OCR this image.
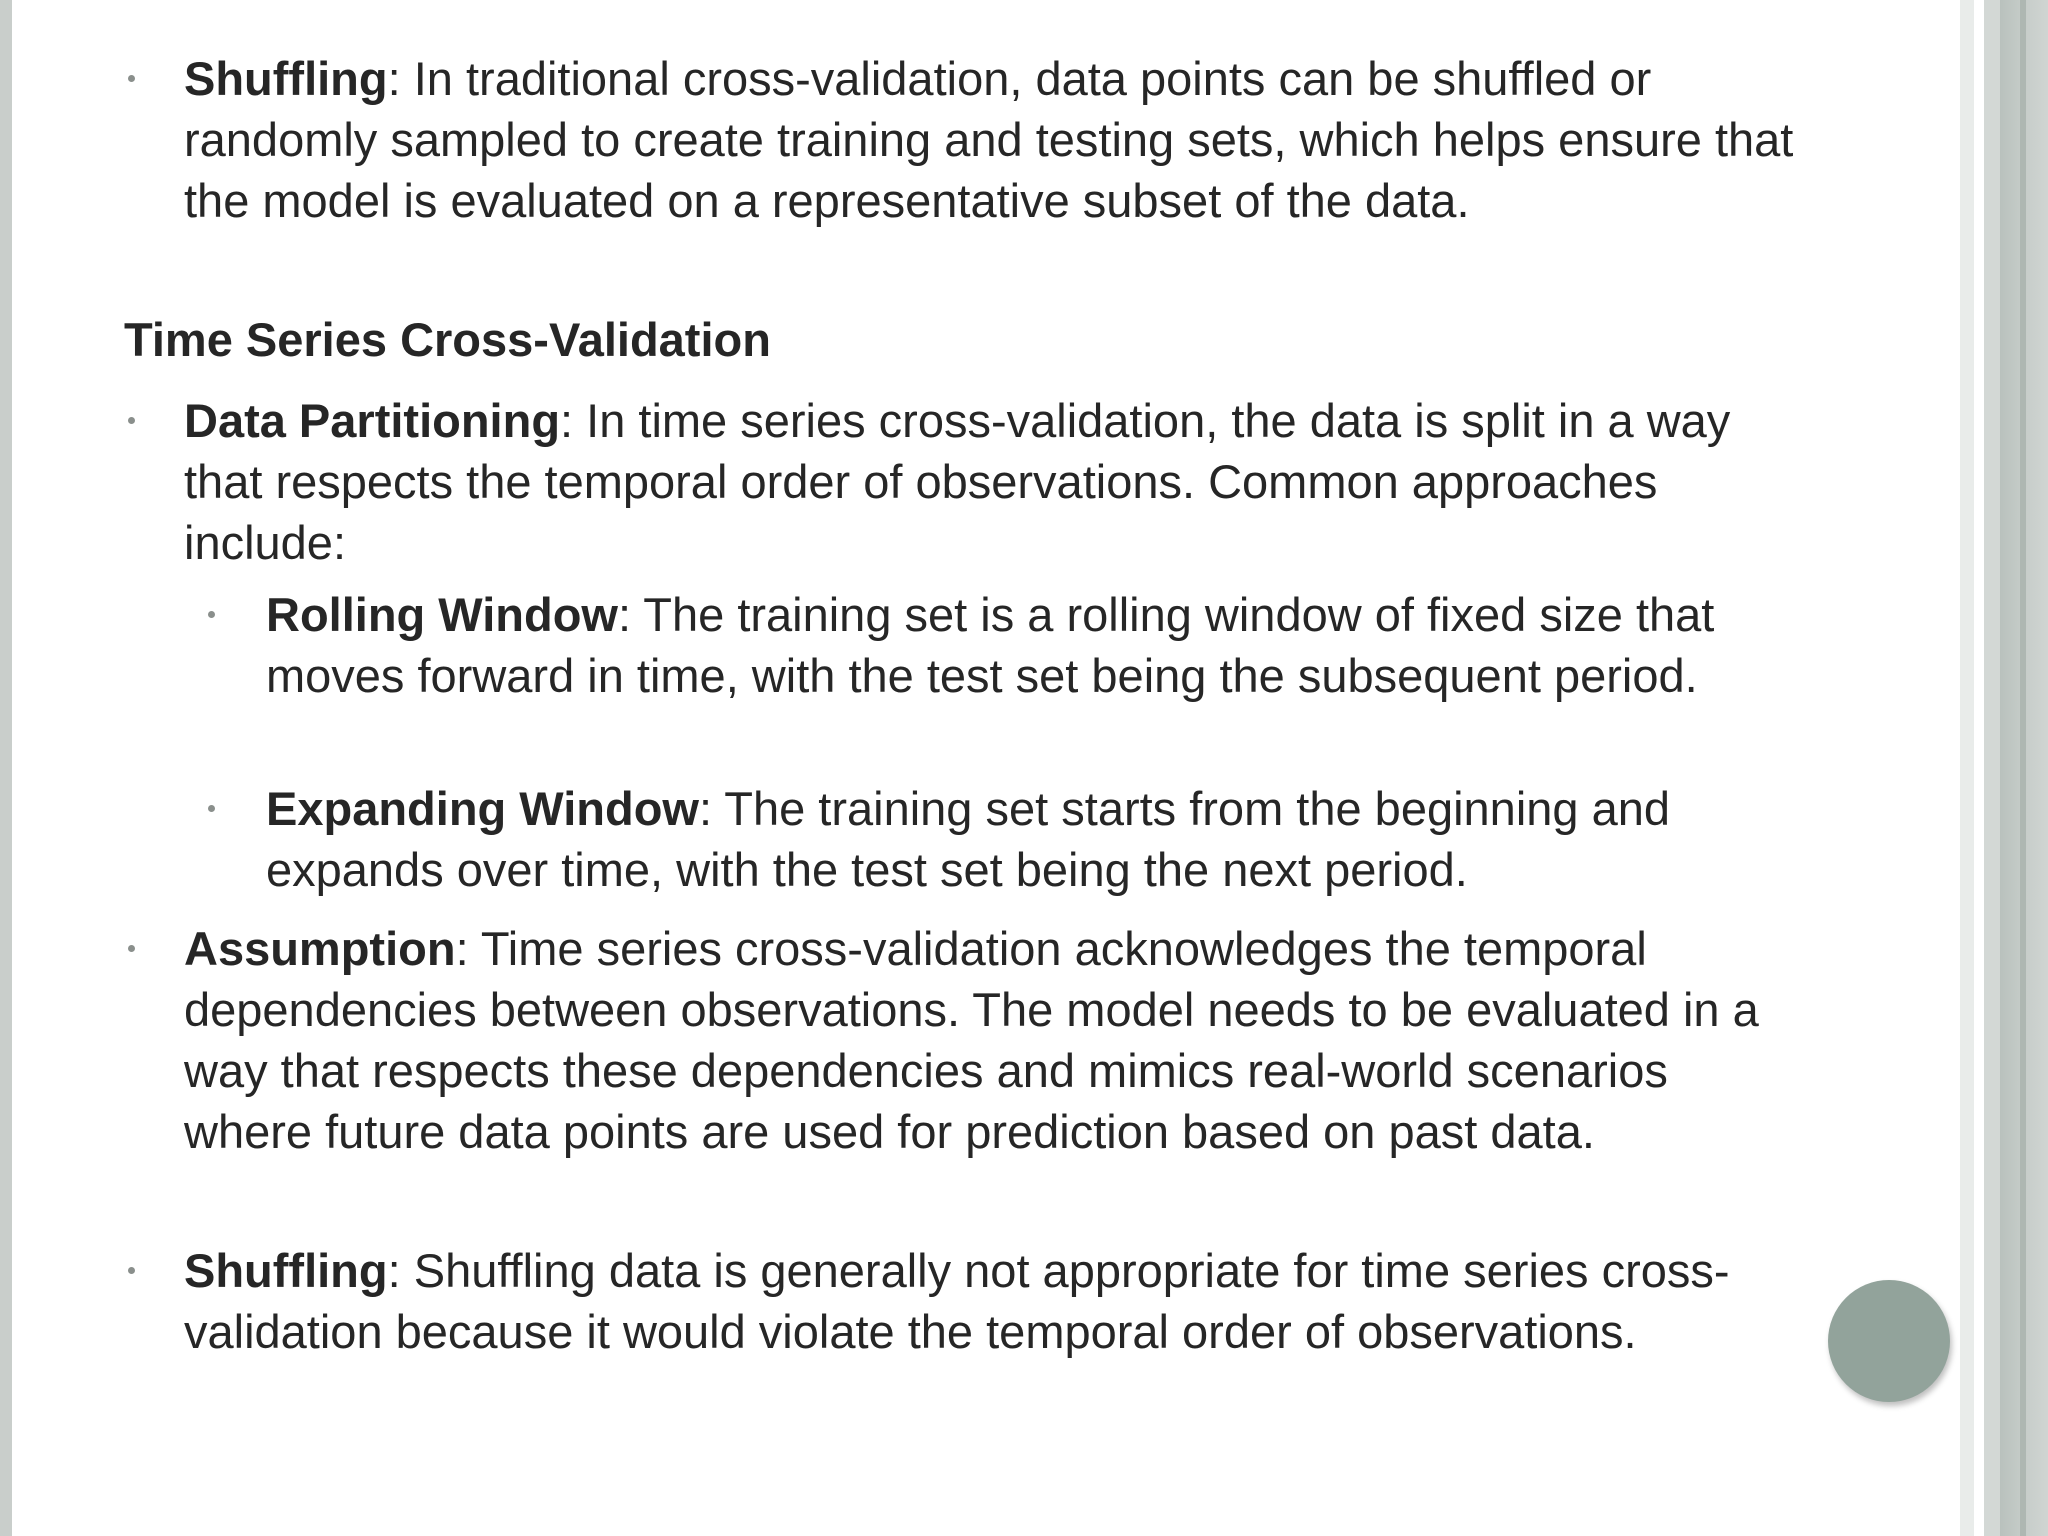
Shuffling: In traditional cross-validation, data points can be shuffled or randomly sampled to create training and testing sets, which helps ensure that the model is evaluated on a representative subset of the data.
Time Series Cross-Validation
Data Partitioning: In time series cross-validation, the data is split in a way that respects the temporal order of observations. Common approaches include:
Rolling Window: The training set is a rolling window of fixed size that moves forward in time, with the test set being the subsequent period.
Expanding Window: The training set starts from the beginning and expands over time, with the test set being the next period.
Assumption: Time series cross-validation acknowledges the temporal dependencies between observations. The model needs to be evaluated in a way that respects these dependencies and mimics real-world scenarios where future data points are used for prediction based on past data.
Shuffling: Shuffling data is generally not appropriate for time series cross-validation because it would violate the temporal order of observations.
